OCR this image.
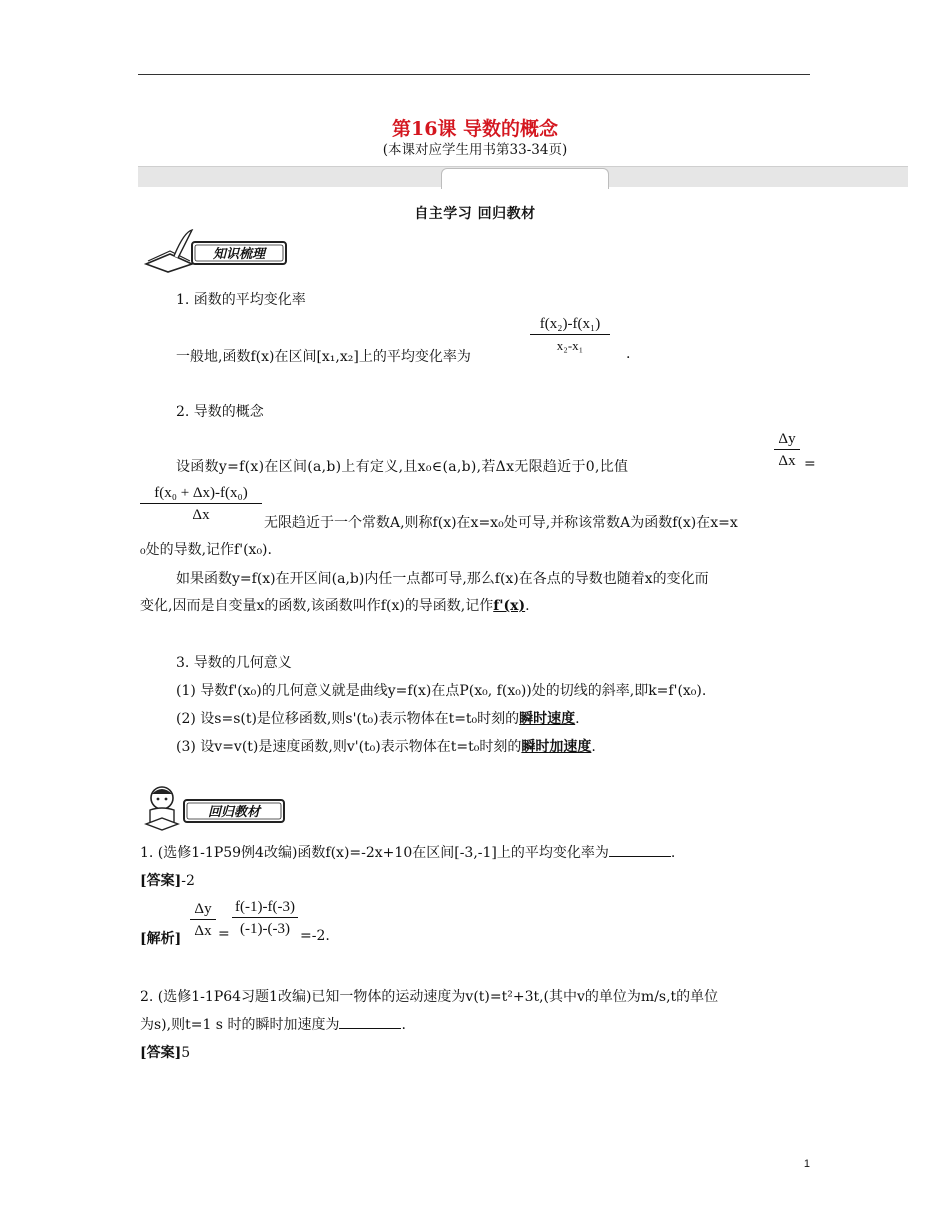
第16课 导数的概念
(本课对应学生用书第33-34页)
自主学习 回归教材
知识梳理
1. 函数的平均变化率
一般地,函数f(x)在区间[x₁,x₂]上的平均变化率为
f(x₂)-f(x₁)
x₂-x₁
.
2. 导数的概念
设函数y=f(x)在区间(a,b)上有定义,且x₀∈(a,b),若Δx无限趋近于0,比值
Δy
Δx =
f(x₀ + Δx)-f(x₀)
Δx	无限趋近于一个常数A,则称f(x)在x=x₀处可导,并称该常数A为函数f(x)在x=x
₀处的导数,记作f'(x₀).
如果函数y=f(x)在开区间(a,b)内任一点都可导,那么f(x)在各点的导数也随着x的变化而
变化,因而是自变量x的函数,该函数叫作f(x)的导函数,记作f'(x).
3. 导数的几何意义
(1) 导数f'(x₀)的几何意义就是曲线y=f(x)在点P(x₀, f(x₀))处的切线的斜率,即k=f'(x₀).
(2) 设s=s(t)是位移函数,则s'(t₀)表示物体在t=t₀时刻的瞬时速度.
(3) 设v=v(t)是速度函数,则v'(t₀)表示物体在t=t₀时刻的瞬时加速度.
回归教材
1. (选修1-1P59例4改编)函数f(x)=-2x+10在区间[-3,-1]上的平均变化率为	.
[答案]-2
Δy
Δx
[解析]	=
f(-1)-f(-3)
(-1)-(-3) =-2.
2. (选修1-1P64习题1改编)已知一物体的运动速度为v(t)=t²+3t,(其中v的单位为m/s,t的单位
为s),则t=1 s 时的瞬时加速度为	.
[答案]5
1
